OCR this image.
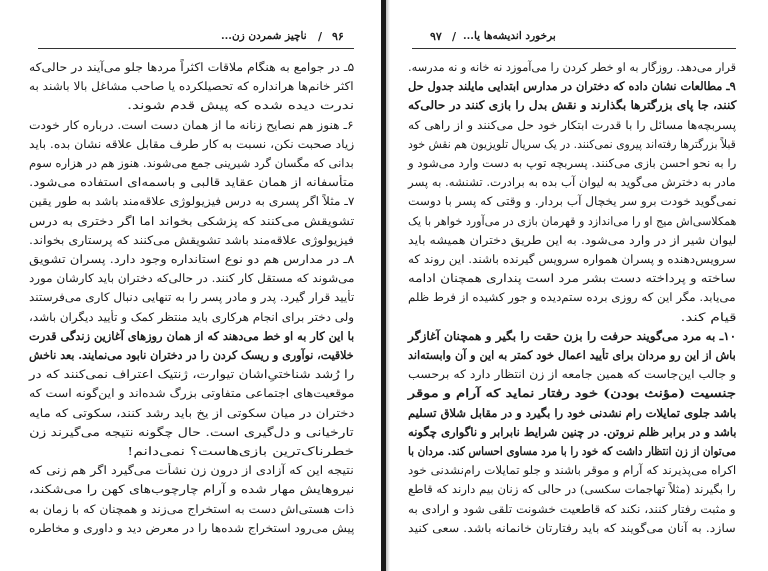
ناچیز شمردن زن... / ۹۶
۵ـ در جوامع به هنگام ملاقات اکثراً مردها جلو می‌آیند در حالی‌که
اکثر خانم‌ها هرانداره که تحصیلکرده یا صاحب مشاغل بالا باشند به
ندرت دیده شده که پیش قدم شوند.
۶ـ هنوز هم نصایح زنانه ما از همان دست است. درباره کار خودت
زیاد صحبت نکن، نسبت به کار طرف مقابل علاقه نشان بده. باید
بدانی که مگسان گرد شیرینی جمع می‌شوند. هنوز هم در هزاره سوم
متأسفانه از همان عقاید قالبی و باسمه‌ای استفاده می‌شود.
۷ـ مثلاً اگر پسری به درس فیزیولوژی علاقه‌مند باشد به طور یقین
تشویقش می‌کنند که پزشکی بخواند اما اگر دختری به درس
فیزیولوژی علاقه‌مند باشد تشویقش می‌کنند که پرستاری بخواند.
۸ـ در مدارس هم دو نوع استانداره وجود دارد. پسران تشویق
می‌شوند که مستقل کار کنند. در حالی‌که دختران باید کارشان مورد
تأیید قرار گیرد. پدر و مادر پسر را به تنهایی دنبال کاری می‌فرستند
ولی دختر برای انجام هرکاری باید منتظر کمک و تأیید دیگران باشد،
با این کار به او خط می‌دهند که از همان روزهای آغازین زندگی قدرت
خلاقیت، نوآوری و ریسک کردن را در دختران نابود می‌نمایند. بعد ناخش
را رُشد شناختیِ‌اشان تیوارت، ژنتیک اعتراف نمی‌کنند که در
موقعیت‌های اجتماعی متفاوتی بزرگ شده‌اند و این‌گونه است که
دختران در میان سکوتی از یخ باید رشد کنند، سکوتی که مایه
تارخیانی و دل‌گیری است. حال چگونه نتیجه می‌گیرند زن
خطرناک‌ترین بازی‌هاست؟ نمی‌دانم!
نتیجه این که آزادی از درون زن نشأت می‌گیرد اگر هم زنی که
نیروهایش مهار شده و آرام چارچوب‌های کهن را می‌شکند،
ذات هستی‌اش دست به استخراج می‌زند و همچنان که با زمان به
پیش می‌رود استخراج شده‌ها را در معرض دید و داوری و مخاطره
۹۷ / برخورد اندیشه‌ها یا...
قرار می‌دهد. روزگار به او خطر کردن را می‌آموزد نه خانه و نه مدرسه.
۹ـ مطالعات نشان داده که دختران در مدارس ابتدایی مایلند جدول حل
کنند، جا پای بزرگترها بگذارند و نقش بدل را بازی کنند در حالی‌که
پسربچه‌ها مسائل را با قدرت ابتکار خود حل می‌کنند و از راهی که
قبلاً بزرگترها رفته‌اند پیروی نمی‌کنند. در یک سریال تلویزیون هم نقش خود
را به نحو احسن بازی می‌کنند. پسربچه توپ به دست وارد می‌شود و
مادر به دخترش می‌گوید به لیوان آب بده به برادرت. تشنشه. به پسر
نمی‌گوید خودت برو سر یخچال آب بردار. و وقتی که پسر با دوست
همکلاسی‌اش میج او را می‌اندازد و قهرمان بازی در می‌آورد خواهر با یک
لیوان شیر از در وارد می‌شود. به این طریق دختران همیشه باید
سرویس‌دهنده و پسران همواره سرویس گیرنده باشند. این روند که
ساخته و پرداخته دست بشر مرد است پنداری همچنان ادامه
می‌یابد. مگر این که روزی برده ستم‌دیده و جور کشیده از فرط ظلم
قیام کند.
۱۰ـ به مرد می‌گویند حرفت را بزن حقت را بگیر و همچنان آغازگر
باش از این رو مردان برای تأیید اعمال خود کمتر به این و آن وابسته‌اند
و جالب این‌جاست که همین جامعه از زن انتظار دارد که برحسب
جنسیت (مؤنث بودن) خود رفتار نماید که آرام و موقر
باشد جلوی تمایلات رام نشدنی خود را بگیرد و در مقابل شلاق تسلیم
باشد و در برابر ظلم نروتن. در چنین شرایط نابرابر و ناگواری چگونه
می‌توان از زن انتظار داشت که خود را با مرد مساوی احساس کند. مردان با
اکراه می‌پذیرند که آرام و موقر باشند و جلو تمایلات رام‌نشدنی خود
را بگیرند (مثلاً تهاجمات سکسی) در حالی که زنان بیم دارند که قاطع
و مثبت رفتار کنند، نکند که قاطعیت خشونت تلقی شود و ارادی به
سازد. به آنان می‌گویند که باید رفتارتان خانمانه باشد. سعی کنید
